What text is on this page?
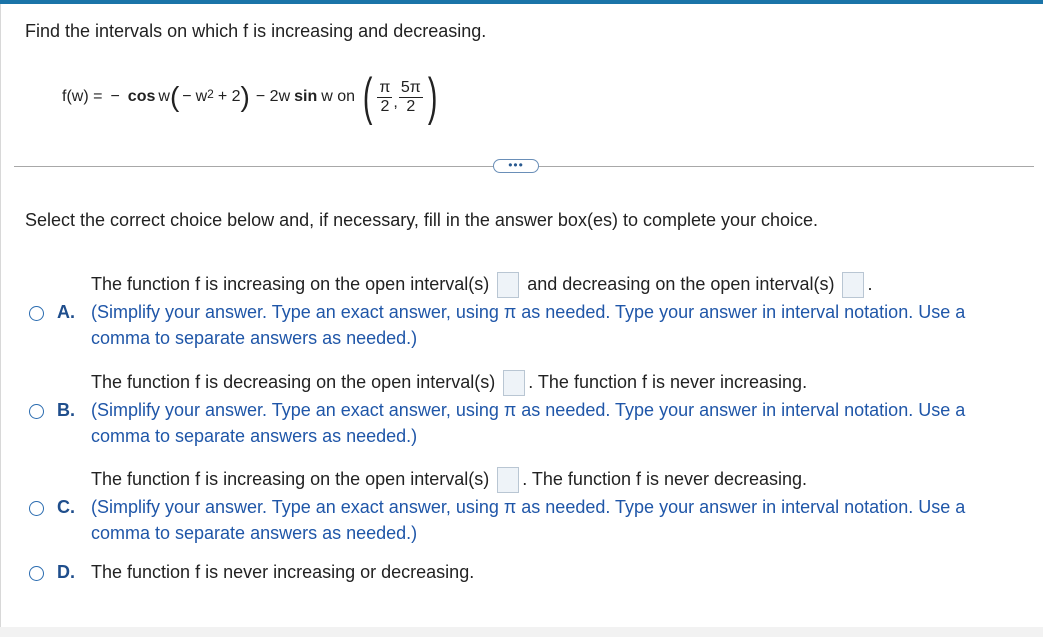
Find the intervals on which f is increasing and decreasing.
f(w) = − cos w ( − $w^2 + 2$ ) − 2w sin w on ( $\frac{\pi}{2}$ , $\frac{5\pi}{2}$ )
•••
Select the correct choice below and, if necessary, fill in the answer box(es) to complete your choice.
The function f is increasing on the open interval(s) and decreasing on the open interval(s) .
A. (Simplify your answer. Type an exact answer, using π as needed. Type your answer in interval notation. Use a
comma to separate answers as needed.)
The function f is decreasing on the open interval(s) . The function f is never increasing.
B. (Simplify your answer. Type an exact answer, using π as needed. Type your answer in interval notation. Use a
comma to separate answers as needed.)
The function f is increasing on the open interval(s) . The function f is never decreasing.
C. (Simplify your answer. Type an exact answer, using π as needed. Type your answer in interval notation. Use a
comma to separate answers as needed.)
D. The function f is never increasing or decreasing.
